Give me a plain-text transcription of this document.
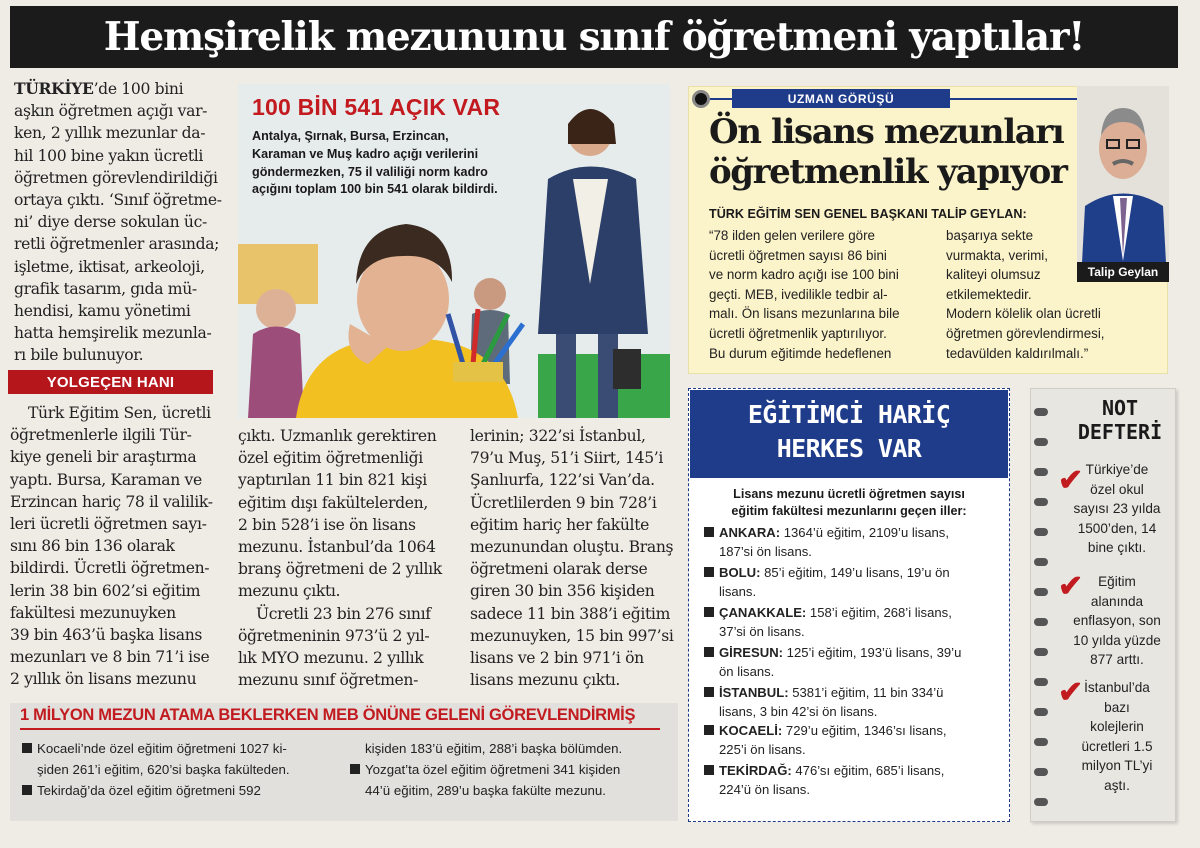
Hemşirelik mezununu sınıf öğretmeni yaptılar!

TÜRKİYE’de 100 bini

aşkın öğretmen açığı var-

ken, 2 yıllık mezunlar da-

hil 100 bine yakın ücretli

öğretmen görevlendirildiği

ortaya çıktı. ‘Sınıf öğretme-

ni’ diye derse sokulan üc-

retli öğretmenler arasında;

işletme, iktisat, arkeoloji,

grafik tasarım, gıda mü-

hendisi, kamu yönetimi

hatta hemşirelik mezunla-

rı bile bulunuyor.

YOLGEÇEN HANI

Türk Eğitim Sen, ücretli

öğretmenlerle ilgili Tür-

kiye geneli bir araştırma

yaptı. Bursa, Karaman ve

Erzincan hariç 78 il valilik-

leri ücretli öğretmen sayı-

sını 86 bin 136 olarak

bildirdi. Ücretli öğretmen-

lerin 38 bin 602’si eğitim

fakültesi mezunuyken

39 bin 463’ü başka lisans

mezunları ve 8 bin 71’i ise

2 yıllık ön lisans mezunu

100 BİN 541 AÇIK VAR
Antalya, Şırnak, Bursa, Erzincan,
Karaman ve Muş kadro açığı verilerini
göndermezken, 75 il valiliği norm kadro
açığını toplam 100 bin 541 olarak bildirdi.

çıktı. Uzmanlık gerektiren

özel eğitim öğretmenliği

yaptırılan 11 bin 821 kişi

eğitim dışı fakültelerden,

2 bin 528’i ise ön lisans

mezunu. İstanbul’da 1064

branş öğretmeni de 2 yıllık

mezunu çıktı.

Ücretli 23 bin 276 sınıf

öğretmeninin 973’ü 2 yıl-

lık MYO mezunu. 2 yıllık

mezunu sınıf öğretmen-

lerinin; 322’si İstanbul,

79’u Muş, 51’i Siirt, 145’i

Şanlıurfa, 122’si Van’da.

Ücretlilerden 9 bin 728’i

eğitim hariç her fakülte

mezunundan oluştu. Branş

öğretmeni olarak derse

giren 30 bin 356 kişiden

sadece 11 bin 388’i eğitim

mezunuyken, 15 bin 997’si

lisans ve 2 bin 971’i ön

lisans mezunu çıktı.

1 MİLYON MEZUN ATAMA BEKLERKEN MEB ÖNÜNE GELENİ GÖREVLENDİRMİŞ
Kocaeli’nde özel eğitim öğretmeni 1027 ki-
şiden 261’i eğitim, 620’si başka fakülteden.
Tekirdağ’da özel eğitim öğretmeni 592
kişiden 183’ü eğitim, 288’i başka bölümden.
Yozgat’ta özel eğitim öğretmeni 341 kişiden
44’ü eğitim, 289’u başka fakülte mezunu.
UZMAN GÖRÜŞÜ
Ön lisans mezunları
öğretmenlik yapıyor
TÜRK EĞİTİM SEN GENEL BAŞKANI TALİP GEYLAN:
“78 ilden gelen verilere göre
ücretli öğretmen sayısı 86 bini
ve norm kadro açığı ise 100 bini
geçti. MEB, ivedilikle tedbir al-
malı. Ön lisans mezunlarına bile
ücretli öğretmenlik yaptırılıyor.
Bu durum eğitimde hedeflenen
başarıya sekte
vurmakta, verimi,
kaliteyi olumsuz
etkilemektedir.
Modern kölelik olan ücretli
öğretmen görevlendirmesi,
tedavülden kaldırılmalı.”
Talip Geylan
EĞİTİMCİ HARİÇ
HERKES VAR
Lisans mezunu ücretli öğretmen sayısı
eğitim fakültesi mezunlarını geçen iller:
ANKARA: 1364’ü eğitim, 2109’u lisans,
187’si ön lisans.
BOLU: 85’i eğitim, 149’u lisans, 19’u ön
lisans.
ÇANAKKALE: 158’i eğitim, 268’i lisans,
37’si ön lisans.
GİRESUN: 125’i eğitim, 193’ü lisans, 39’u
ön lisans.
İSTANBUL: 5381’i eğitim, 11 bin 334’ü
lisans, 3 bin 42’si ön lisans.
KOCAELİ: 729’u eğitim, 1346’sı lisans,
225’i ön lisans.
TEKİRDAĞ: 476’sı eğitim, 685’i lisans,
224’ü ön lisans.
NOT
DEFTERİ
✔ Türkiye’de
özel okul
sayısı 23 yılda
1500’den, 14
bine çıktı.
✔	Eğitim
alanında
enflasyon, son
10 yılda yüzde
877 arttı.
✔ İstanbul’da
bazı
kolejlerin
ücretleri 1.5
milyon TL’yi
aştı.
